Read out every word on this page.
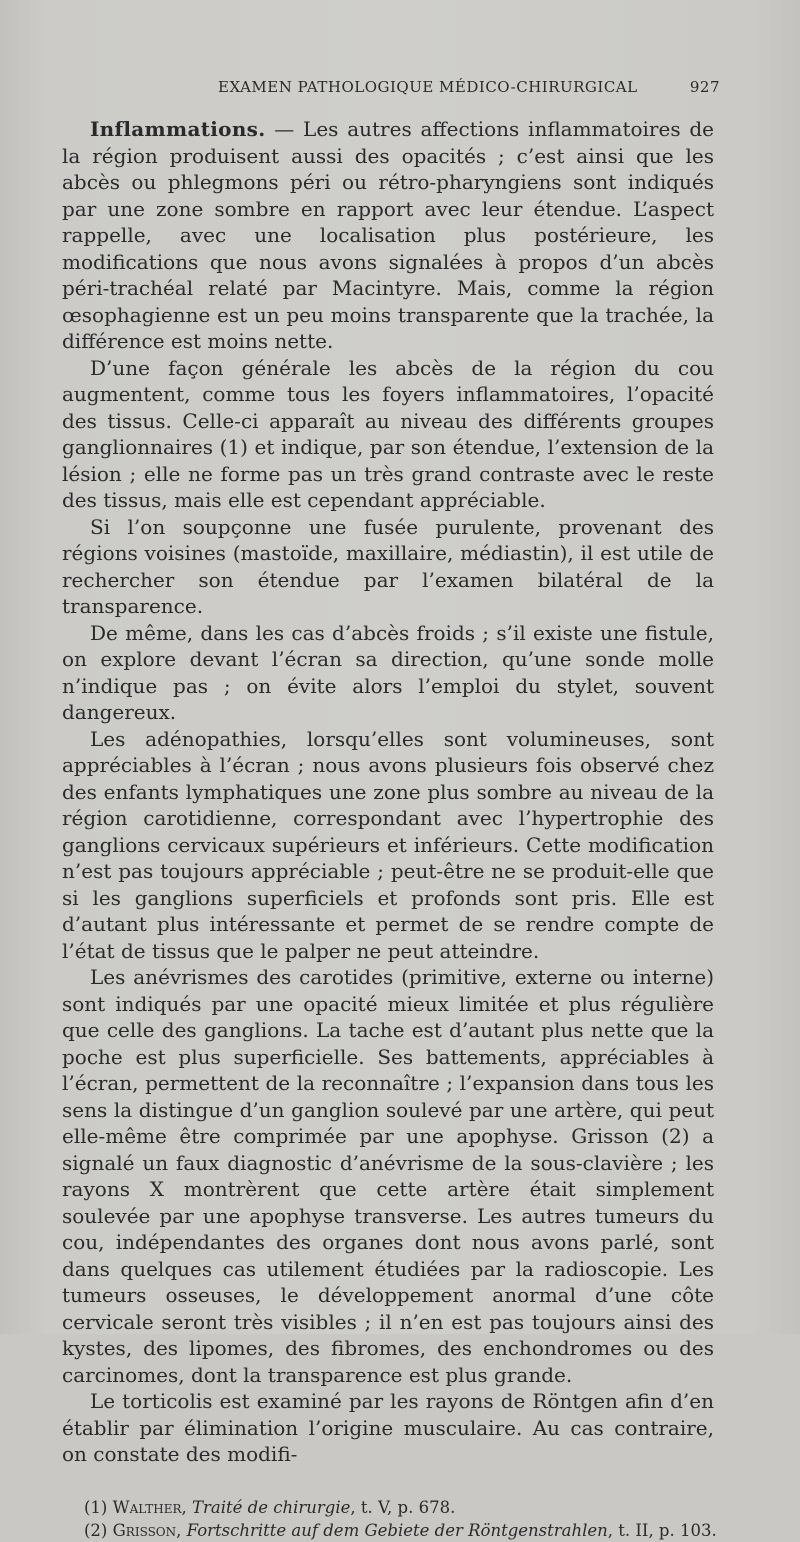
EXAMEN PATHOLOGIQUE MÉDICO-CHIRURGICAL	927

Inflammations. — Les autres affections inflammatoires de la région produisent aussi des opacités ; c’est ainsi que les abcès ou phlegmons péri ou rétro-pharyngiens sont indiqués par une zone sombre en rapport avec leur étendue. L’aspect rappelle, avec une localisation plus postérieure, les modifications que nous avons signalées à propos d’un abcès péri-trachéal relaté par Macintyre. Mais, comme la région œsophagienne est un peu moins transparente que la trachée, la différence est moins nette.

D’une façon générale les abcès de la région du cou augmentent, comme tous les foyers inflammatoires, l’opacité des tissus. Celle-ci apparaît au niveau des différents groupes ganglionnaires (1) et indique, par son étendue, l’extension de la lésion ; elle ne forme pas un très grand contraste avec le reste des tissus, mais elle est cependant appréciable.

Si l’on soupçonne une fusée purulente, provenant des régions voisines (mastoïde, maxillaire, médiastin), il est utile de rechercher son étendue par l’examen bilatéral de la transparence.

De même, dans les cas d’abcès froids ; s’il existe une fistule, on explore devant l’écran sa direction, qu’une sonde molle n’indique pas ; on évite alors l’emploi du stylet, souvent dangereux.

Les adénopathies, lorsqu’elles sont volumineuses, sont appréciables à l’écran ; nous avons plusieurs fois observé chez des enfants lymphatiques une zone plus sombre au niveau de la région carotidienne, correspondant avec l’hypertrophie des ganglions cervicaux supérieurs et inférieurs. Cette modification n’est pas toujours appréciable ; peut-être ne se produit-elle que si les ganglions superficiels et profonds sont pris. Elle est d’autant plus intéressante et permet de se rendre compte de l’état de tissus que le palper ne peut atteindre.

Les anévrismes des carotides (primitive, externe ou interne) sont indiqués par une opacité mieux limitée et plus régulière que celle des ganglions. La tache est d’autant plus nette que la poche est plus superficielle. Ses battements, appréciables à l’écran, permettent de la reconnaître ; l’expansion dans tous les sens la distingue d’un ganglion soulevé par une artère, qui peut elle-même être comprimée par une apophyse. Grisson (2) a signalé un faux diagnostic d’anévrisme de la sous-clavière ; les rayons X montrèrent que cette artère était simplement soulevée par une apophyse transverse. Les autres tumeurs du cou, indépendantes des organes dont nous avons parlé, sont dans quelques cas utilement étudiées par la radioscopie. Les tumeurs osseuses, le développement anormal d’une côte cervicale seront très visibles ; il n’en est pas toujours ainsi des kystes, des lipomes, des fibromes, des enchondromes ou des carcinomes, dont la transparence est plus grande.

Le torticolis est examiné par les rayons de Röntgen afin d’en établir par élimination l’origine musculaire. Au cas contraire, on constate des modifi-

(1) Walther, Traité de chirurgie, t. V, p. 678.
(2) Grisson, Fortschritte auf dem Gebiete der Röntgenstrahlen, t. II, p. 103.
